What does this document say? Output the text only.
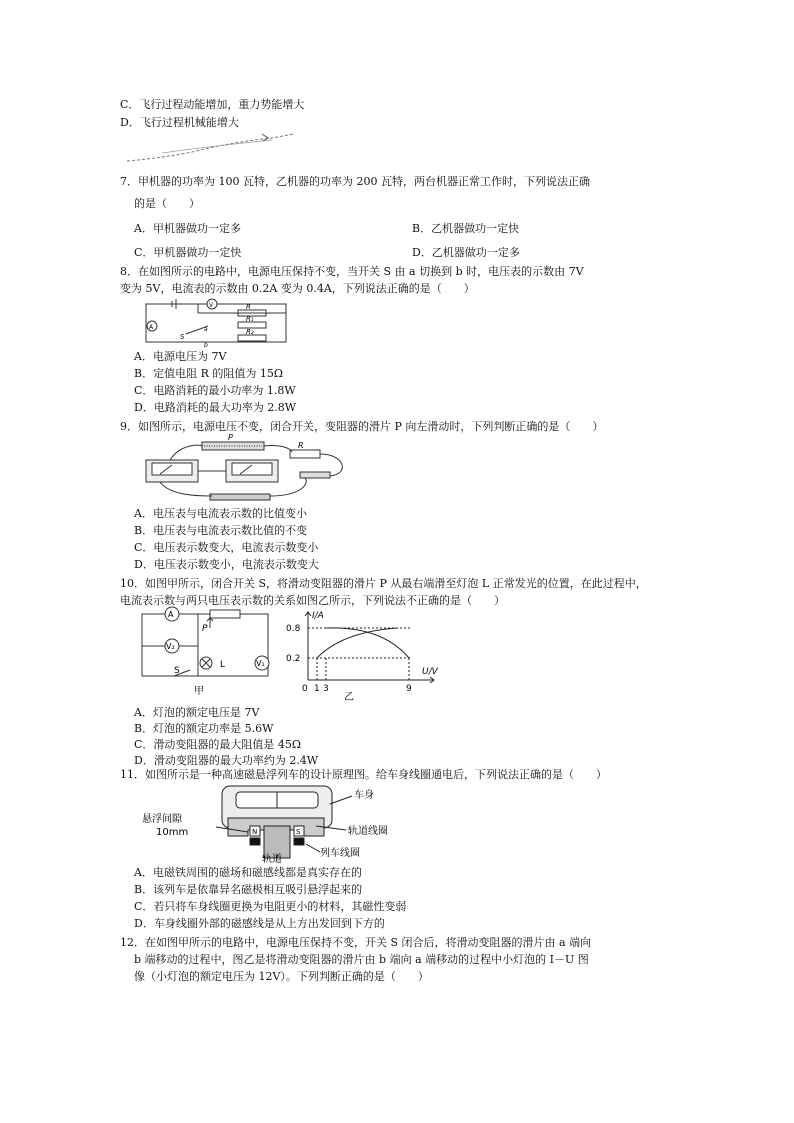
C．飞行过程动能增加，重力势能增大
D．飞行过程机械能增大
7．甲机器的功率为 100 瓦特，乙机器的功率为 200 瓦特，两台机器正常工作时，下列说法正确
的是（　　）
A．甲机器做功一定多	B．乙机器做功一定快
C．甲机器做功一定快	D．乙机器做功一定多
8．在如图所示的电路中，电源电压保持不变，当开关 S 由 a 切换到 b 时，电压表的示数由 7V
变为 5V，电流表的示数由 0.2A 变为 0.4A，下列说法正确的是（　　）
V
A
R
R₁
R₂
S
a
b
A．电源电压为 7V
B．定值电阻 R 的阻值为 15Ω
C．电路消耗的最小功率为 1.8W
D．电路消耗的最大功率为 2.8W
9．如图所示，电源电压不变，闭合开关，变阻器的滑片 P 向左滑动时，下列判断正确的是（　　）
P
R
A．电压表与电流表示数的比值变小
B．电压表与电流表示数比值的不变
C．电压表示数变大，电流表示数变小
D．电压表示数变小，电流表示数变大
10．如图甲所示，闭合开关 S，将滑动变阻器的滑片 P 从最右端滑至灯泡 L 正常发光的位置，在此过程中，
电流表示数与两只电压表示数的关系如图乙所示，下列说法不正确的是（　　）
A
P
V₂
L	V₁
S
甲
I/A
U/V
0.8
0.2
0 1 3	9
乙
A．灯泡的额定电压是 7V
B．灯泡的额定功率是 5.6W
C．滑动变阻器的最大阻值是 45Ω
D．滑动变阻器的最大功率约为 2.4W
11．如图所示是一种高速磁悬浮列车的设计原理图。给车身线圈通电后，下列说法正确的是（　　）
N	S
悬浮间隙
10mm
车身
轨道线圈
列车线圈
轨道
A．电磁铁周围的磁场和磁感线都是真实存在的
B．该列车是依靠异名磁极相互吸引悬浮起来的
C．若只将车身线圈更换为电阻更小的材料，其磁性变弱
D．车身线圈外部的磁感线是从上方出发回到下方的
12．在如图甲所示的电路中，电源电压保持不变，开关 S 闭合后，将滑动变阻器的滑片由 a 端向
b 端移动的过程中，图乙是将滑动变阻器的滑片由 b 端向 a 端移动的过程中小灯泡的 I－U 图
像（小灯泡的额定电压为 12V）。下列判断正确的是（　　）
